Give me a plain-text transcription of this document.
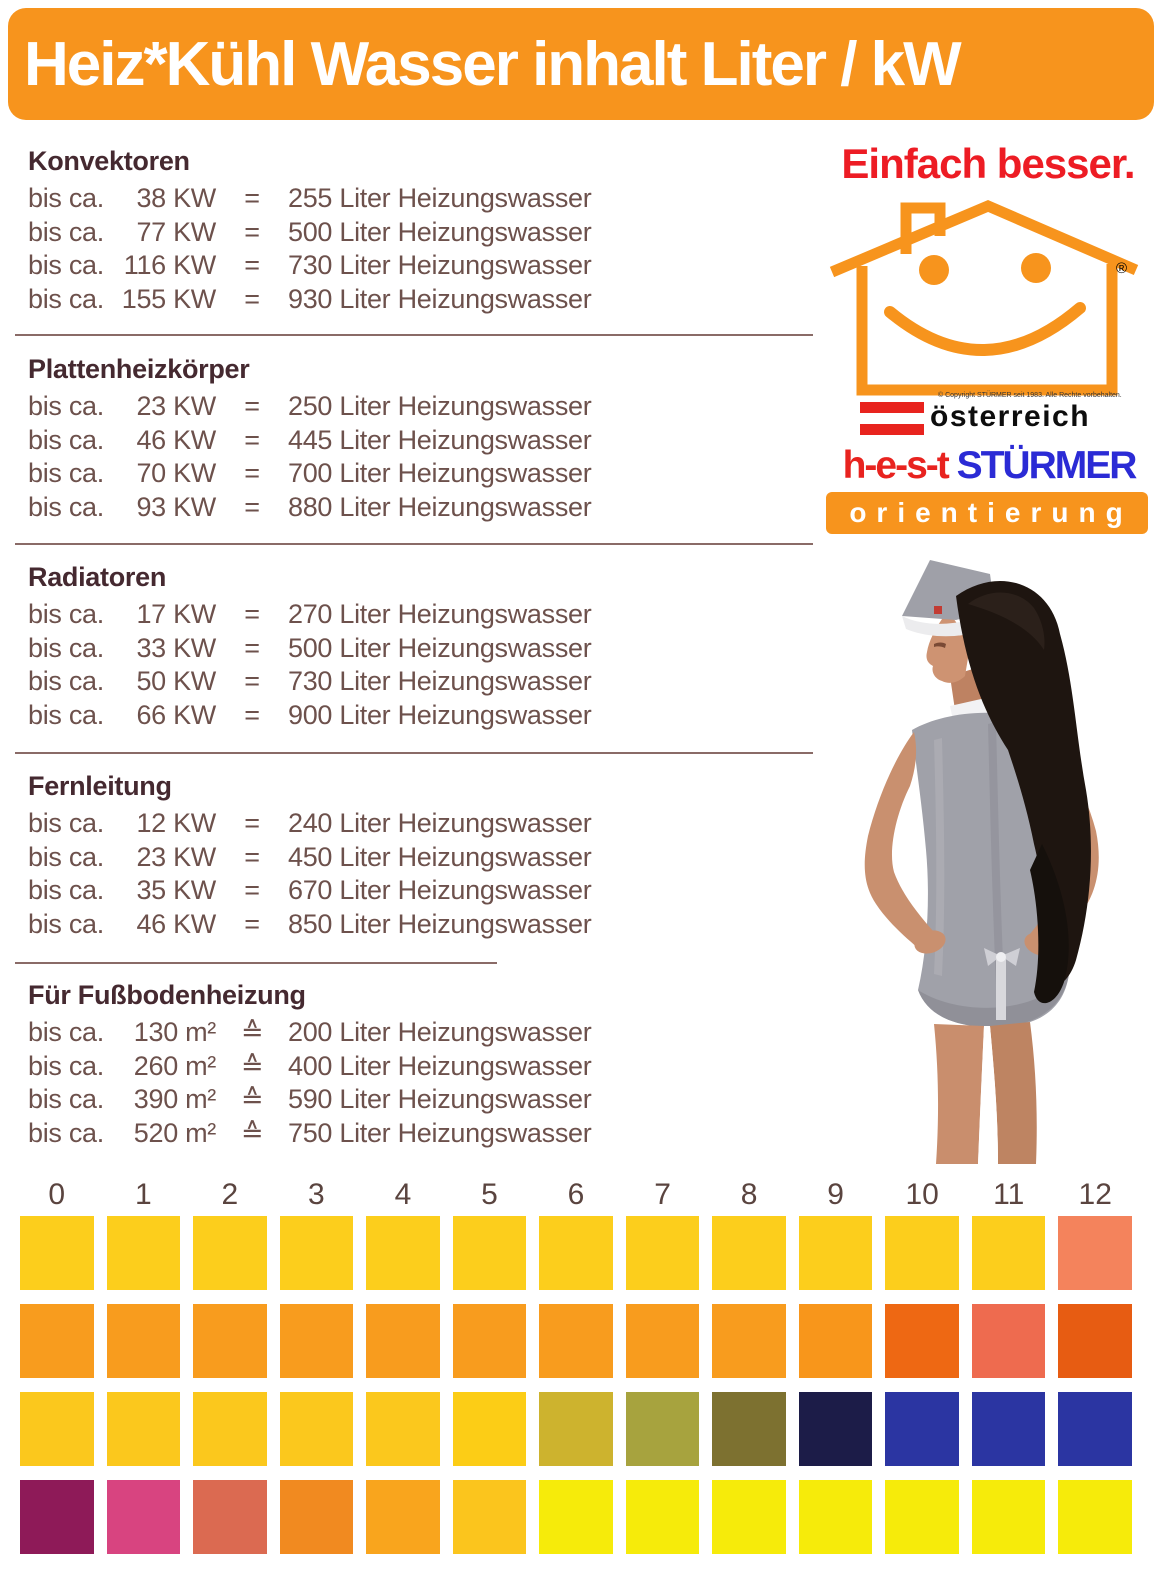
Heiz*Kühl Wasser inhalt Liter / kW
Konvektoren
bis ca.	38 KW	=	255 Liter Heizungswasser
bis ca.	77 KW	=	500 Liter Heizungswasser
bis ca. 116 KW	=	730 Liter Heizungswasser
bis ca. 155 KW	=	930 Liter Heizungswasser
Plattenheizkörper
bis ca.	23 KW	=	250 Liter Heizungswasser
bis ca.	46 KW	=	445 Liter Heizungswasser
bis ca.	70 KW	=	700 Liter Heizungswasser
bis ca.	93 KW	=	880 Liter Heizungswasser
Radiatoren
bis ca.	17 KW	=	270 Liter Heizungswasser
bis ca.	33 KW	=	500 Liter Heizungswasser
bis ca.	50 KW	=	730 Liter Heizungswasser
bis ca.	66 KW	=	900 Liter Heizungswasser
Fernleitung
bis ca.	12 KW	=	240 Liter Heizungswasser
bis ca.	23 KW	=	450 Liter Heizungswasser
bis ca.	35 KW	=	670 Liter Heizungswasser
bis ca.	46 KW	=	850 Liter Heizungswasser
Für Fußbodenheizung
bis ca.	130 m² ≙ 200 Liter Heizungswasser
bis ca.	260 m² ≙ 400 Liter Heizungswasser
bis ca.	390 m² ≙ 590 Liter Heizungswasser
bis ca.	520 m² ≙ 750 Liter Heizungswasser
Einfach besser.
®
© Copyright STÜRMER seit 1983. Alle Rechte vorbehalten.
österreich
h-e-s-t STÜRMER
orientierung
0	1	2	3	4	5	6	7	8	9	10	11	12
